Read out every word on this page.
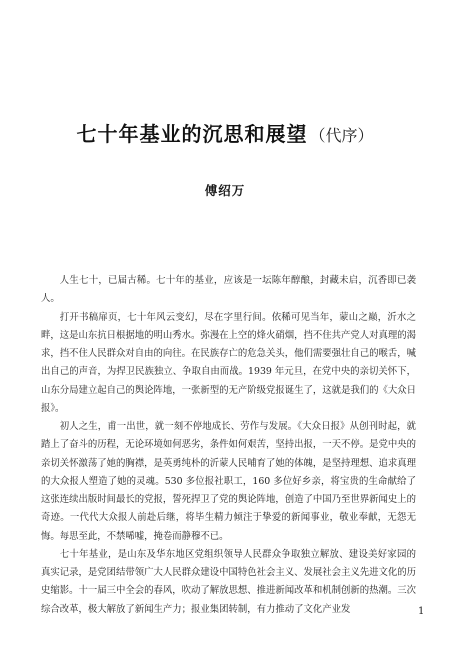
七十年基业的沉思和展望 （代序）
傅绍万

人生七十，已届古稀。七十年的基业，应该是一坛陈年醇酿，封藏未启，沉香即已袭人。

打开书稿扉页，七十年风云变幻，尽在字里行间。依稀可见当年，蒙山之巅，沂水之畔，这是山东抗日根据地的明山秀水。弥漫在上空的烽火硝烟，挡不住共产党人对真理的渴求，挡不住人民群众对自由的向往。在民族存亡的危急关头，他们需要强壮自己的喉舌，喊出自己的声音，为捍卫民族独立、争取自由而战。1939 年元旦，在党中央的亲切关怀下，山东分局建立起自己的舆论阵地，一张新型的无产阶级党报诞生了，这就是我们的《大众日报》。

初人之生，甫一出世，就一刻不停地成长、劳作与发展。《大众日报》从创刊时起，就踏上了奋斗的历程，无论环境如何恶劣，条件如何艰苦，坚持出报，一天不停。是党中央的亲切关怀激荡了她的胸襟，是英勇纯朴的沂蒙人民哺育了她的体魄，是坚持理想、追求真理的大众报人塑造了她的灵魂。530 多位报社职工，160 多位好乡亲，将宝贵的生命献给了这张连续出版时间最长的党报，誓死捍卫了党的舆论阵地，创造了中国乃至世界新闻史上的奇迹。一代代大众报人前赴后继，将毕生精力倾注于挚爱的新闻事业，敬业奉献，无怨无悔。每思至此，不禁唏嘘，掩卷而静穆不已。

七十年基业，是山东及华东地区党组织领导人民群众争取独立解放、建设美好家园的真实记录，是党团结带领广大人民群众建设中国特色社会主义、发展社会主义先进文化的历史缩影。十一届三中全会的春风，吹动了解放思想、推进新闻改革和机制创新的热潮。三次综合改革，极大解放了新闻生产力；报业集团转制，有力推动了文化产业发	1
